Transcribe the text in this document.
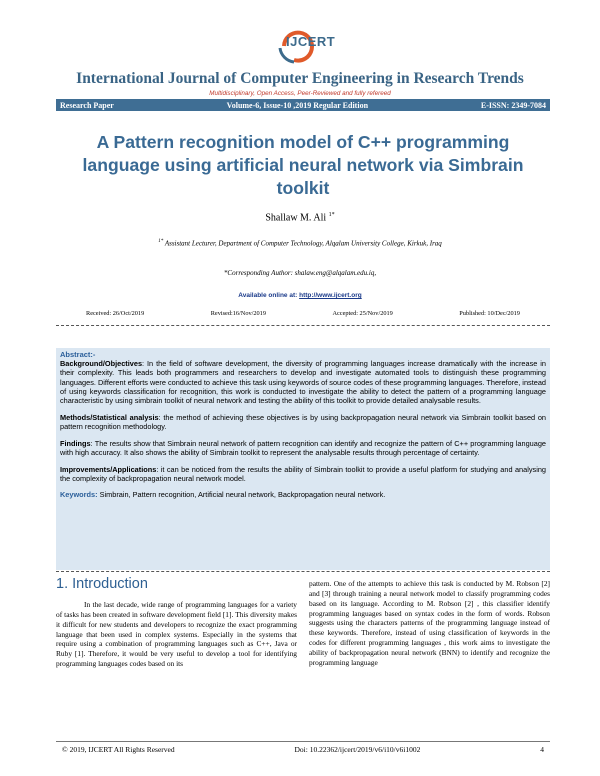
IJCERT
International Journal of Computer Engineering in Research Trends
Multidisciplinary, Open Access, Peer-Reviewed and fully refereed
Research Paper	Volume-6, Issue-10 ,2019 Regular Edition	E-ISSN: 2349-7084
A Pattern recognition model of C++ programming language using artificial neural network via Simbrain toolkit
Shallaw M. Ali $^{1*}$
$^{1*}$ Assistant Lecturer, Department of Computer Technology, Alqalam University College, Kirkuk, Iraq
*Corresponding Author: shalaw.eng@alqalam.edu.iq,
Available online at: http://www.ijcert.org
Received: 26/Oct/2019	Revised:16/Nov/2019	Accepted: 25/Nov/2019	Published: 10/Dec/2019
Abstract:-

Background/Objectives: In the field of software development, the diversity of programming languages increase dramatically with the increase in their complexity. This leads both programmers and researchers to develop and investigate automated tools to distinguish these programming languages. Different efforts were conducted to achieve this task using keywords of source codes of these programming languages. Therefore, instead of using keywords classification for recognition, this work is conducted to investigate the ability to detect the pattern of a programming language characteristic by using simbrain toolkit of neural network and testing the ability of this toolkit to provide detailed analysable results.

Methods/Statistical analysis: the method of achieving these objectives is by using backpropagation neural network via Simbrain toolkit based on pattern recognition methodology.

Findings: The results show that Simbrain neural network of pattern recognition can identify and recognize the pattern of C++ programming language with high accuracy. It also shows the ability of Simbrain toolkit to represent the analysable results through percentage of certainty.

Improvements/Applications: it can be noticed from the results the ability of Simbrain toolkit to provide a useful platform for studying and analysing the complexity of backpropagation neural network model.

Keywords: Simbrain, Pattern recognition, Artificial neural network, Backpropagation neural network.

1. Introduction
In the last decade, wide range of programming languages for a variety of tasks has been created in software development field [1]. This diversity makes it difficult for new students and developers to recognize the exact programming language that been used in complex systems. Especially in the systems that require using a combination of programming languages such as C++, Java or Ruby [1]. Therefore, it would be very useful to develop a tool for identifying programming languages codes based on its
pattern. One of the attempts to achieve this task is conducted by M. Robson [2] and [3] through training a neural network model to classify programming codes based on its language. According to M. Robson [2] , this classifier identify programming languages based on syntax codes in the form of words. Robson suggests using the characters patterns of the programming language instead of these keywords. Therefore, instead of using classification of keywords in the codes for different programming languages , this work aims to investigate the ability of backpropagation neural network (BNN) to identify and recognize the programming language
© 2019, IJCERT All Rights Reserved	Doi: 10.22362/ijcert/2019/v6/i10/v6i1002	4
